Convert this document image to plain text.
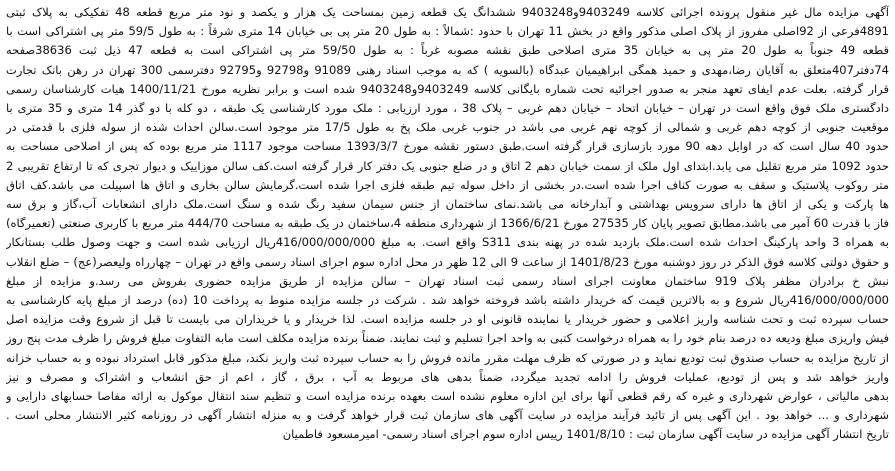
آگهی مزایده مال غیر منقول پرونده اجرائی کلاسه 9403249و9403248 ششدانگ یک قطعه زمین بمساحت یک هزار و یکصد و نود متر مربع قطعه 48 تفکیکی به پلاک ثبتی
4891فرعی از 92اصلی مفروز از پلاک اصلی مذکور واقع در بخش 11 تهران با حدود :شمالاً : به طول 20 متر پی بی خیابان 14 متری شرقاً : به طول 59/5 متر پی اشتراکی است با
قطعه 49 جنوباً به طول 20 متر پی به خیابان 35 متری اصلاحی طبق نقشه مصوبه غرباً : به طول 59/50 متر پی اشتراکی است به قطعه 47 ذیل ثبت 38636صفحه
74دفتر407متعلق به آقایان رضا،مهدی و حمید همگی ابراهیمیان عبدگاه (بالسویه ) که به موجب اسناد رهنی 91089 و92798 و92795 دفترسمی 300 تهران در رهن بانک تجارت
قرار گرفته. بعلت عدم ایفای تعهد منجر به صدور اجرائیه تحت شماره بایگانی کلاسه 9403249و9403248 شده است و برابر نظریه مورخ 1400/11/21 هیات کارشناسان رسمی
دادگستری ملک فوق واقع است در تهران – خیابان اتحاد – خیابان دهم غربی – پلاک 38 ، مورد ارزیابی : ملک مورد کارشناسی یک طبقه ، دو کله با دو گذر 14 متری و 35 متری با
موقعیت جنوبی از کوچه دهم غربی و شمالی از کوچه نهم غربی می باشد در جنوب غربی ملک پخ به طول 17/5 متر موجود است.سالن احداث شده از سوله فلزی با قدمتی در
حدود 40 سال است که در اوایل دهه 90 مورد بازسازی قرار گرفته است.طبق دستور نقشه مورخ 1393/3/7 مساحت موجود 1117 متر مربع بوده که پس از اصلاحی مساحت به
حدود 1092 متر مربع تقلیل می یابد.ابتدای اول ملک از سمت خیابان دهم 2 اتاق و در ضلع جنوبی یک دفتر کار قرار گرفته است.کف سالن موزاییک و دیوار تجری که تا ارتفاع تقریبی 2
متر روکوب پلاستیک و سقف به صورت کناف اجرا شده است.در بخشی از داخل سوله تیم طبقه فلزی اجرا شده است.گرمایش سالن بخاری و اتاق ها اسپیلت می باشد.کف اتاق
ها پارکت و یکی از اتاق ها دارای سرویس بهداشتی و آبدارخانه می باشد.نمای ساختمان از جنس سیمان سفید رنگ شده و سنگ است.ملک دارای انشعابات آب،گاز و برق سه
فاز با قدرت 60 آمپر می باشد.مطابق تصویر پایان کار 27535 مورخ 1366/6/21 از شهرداری منطقه 4،ساختمان در یک طبقه به مساحت 444/70 متر مربع با کاربری صنعتی (تعمیرگاه)
به همراه 3 واحد پارکینگ احداث شده است.ملک بازدید شده در پهنه بندی S311 واقع است. به مبلغ 416/000/000/000ریال ارزیابی شده است و جهت وصول طلب بستانکار
و حقوق دولتی کلاسه فوق الذکر در روز دوشنبه مورخ 1401/8/23 از ساعت 9 الی 12 ظهر در محل اداره سوم اجرای اسناد رسمی واقع در تهران – چهارراه ولیعصر(عج) – ضلع انقلاب
نبش خ برادران مظفر پلاک 919 ساختمان معاونت اجرای اسناد رسمی ثبت اسناد تهران – سالن مزایده از طریق مزایده حضوری بفروش می رسد.و مزایده از مبلغ
416/000/000/000ریال شروع و به بالاترین قیمت که خریدار داشته باشد فروخته خواهد شد . شرکت در جلسه مزایده منوط به پرداخت 10 (ده) درصد از مبلغ پایه کارشناسی به
حساب سپرده ثبت و تحت شناسه واریز اعلامی و حضور خریدار یا نماینده قانونی او در جلسه مزایده است. لذا خریدار و یا خریداران می بایست تا قبل از شروع وقت مزایده اصل
فیش واریزی مبلغ ودیعه ده درصد بنام خود را به همراه درخواست کتبی به واحد اجرا تسلیم و ثبت نمایند. ضمناً برنده مزایده مکلف است مابه التفاوت مبلغ فروش را ظرف مدت پنج روز
از تاریخ مزایده به حساب صندوق ثبت تودیع نماید و در صورتی که ظرف مهلت مقرر مانده فروش را به حساب سپرده ثبت واریز نکند، مبلغ مذکور قابل استرداد نبوده و به حساب خزانه
واریز خواهد شد و پس از تودیع، عملیات فروش را ادامه تجدید میگردد، ضمناً بدهی های مربوط به آب ، برق ، گاز ، اعم از حق انشعاب و اشتراک و مصرف و نیز
بدهی مالیاتی ، عوارض شهرداری و غیره که رقم قطعی آنها برای این اداره معلوم نشده است بعهده برنده مزایده است و تنظیم سند انتقال موکول به ارائه مفاصا حسابهای دارایی و
شهرداری و ... خواهد بود . این آگهی پس از تائید فرآیند مزایده در سایت آگهی های سازمان ثبت قرار خواهد گرفت و به منزله انتشار آگهی در روزنامه کثیر الانتشار محلی است .
تاریخ انتشار آگهی مزایده در سایت آگهی سازمان ثبت : 1401/8/10 رییس اداره سوم اجرای اسناد رسمی- امیرمسعود فاطمیان
